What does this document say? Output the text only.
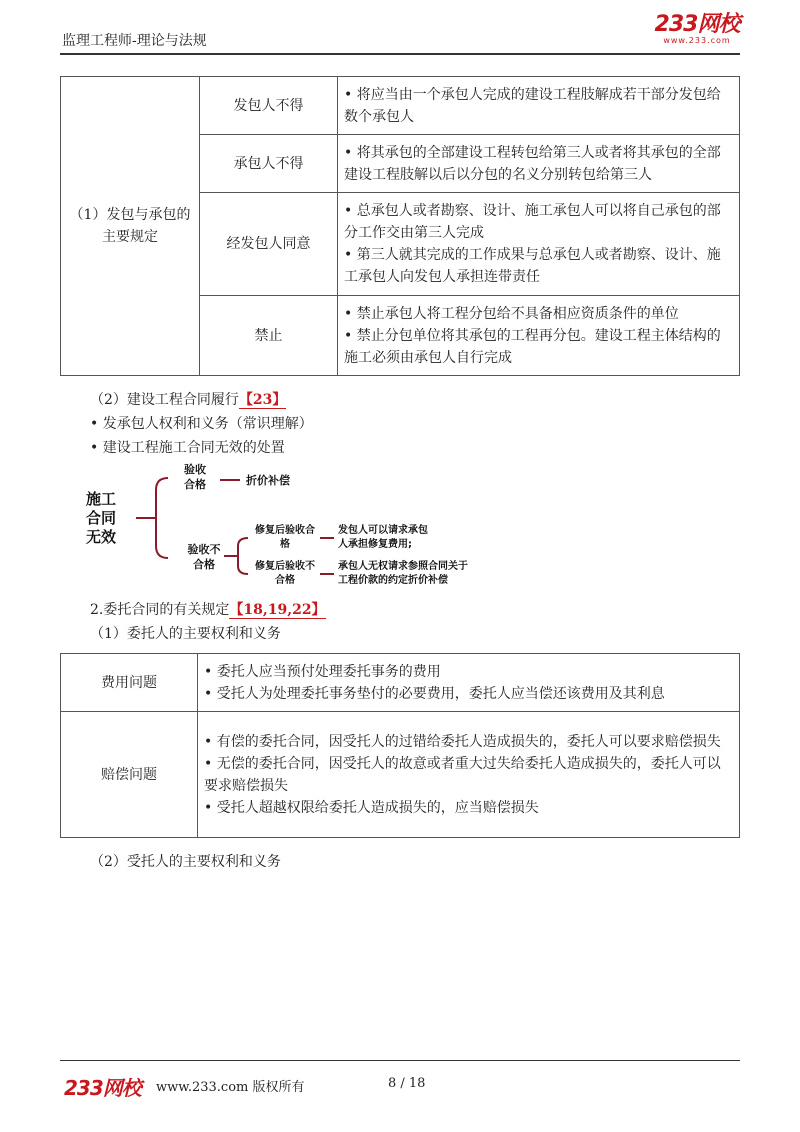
监理工程师-理论与法规
233网校
www.233.com
（1）发包与承包的主要规定	发包人不得	• 将应当由一个承包人完成的建设工程肢解成若干部分发包给数个承包人

	承包人不得	• 将其承包的全部建设工程转包给第三人或者将其承包的全部建设工程肢解以后以分包的名义分别转包给第三人

	经发包人同意	• 总承包人或者勘察、设计、施工承包人可以将自己承包的部分工作交由第三人完成
• 第三人就其完成的工作成果与总承包人或者勘察、设计、施工承包人向发包人承担连带责任

	禁止	• 禁止承包人将工程分包给不具备相应资质条件的单位
• 禁止分包单位将其承包的工程再分包。建设工程主体结构的施工必须由承包人自行完成
（2）建设工程合同履行【23】
• 发承包人权利和义务（常识理解）
• 建设工程施工合同无效的处置
施工合同无效
验收合格	折价补偿
验收不合格
修复后验收合格
发包人可以请求承包人承担修复费用;
修复后验收不合格
承包人无权请求参照合同关于工程价款的约定折价补偿
2.委托合同的有关规定【18,19,22】
（1）委托人的主要权利和义务
费用问题	• 委托人应当预付处理委托事务的费用
• 受托人为处理委托事务垫付的必要费用，委托人应当偿还该费用及其利息

赔偿问题	• 有偿的委托合同，因受托人的过错给委托人造成损失的，委托人可以要求赔偿损失
• 无偿的委托合同，因受托人的故意或者重大过失给委托人造成损失的，委托人可以要求赔偿损失
• 受托人超越权限给委托人造成损失的，应当赔偿损失
（2）受托人的主要权利和义务
233网校 www.233.com 版权所有	8 / 18
